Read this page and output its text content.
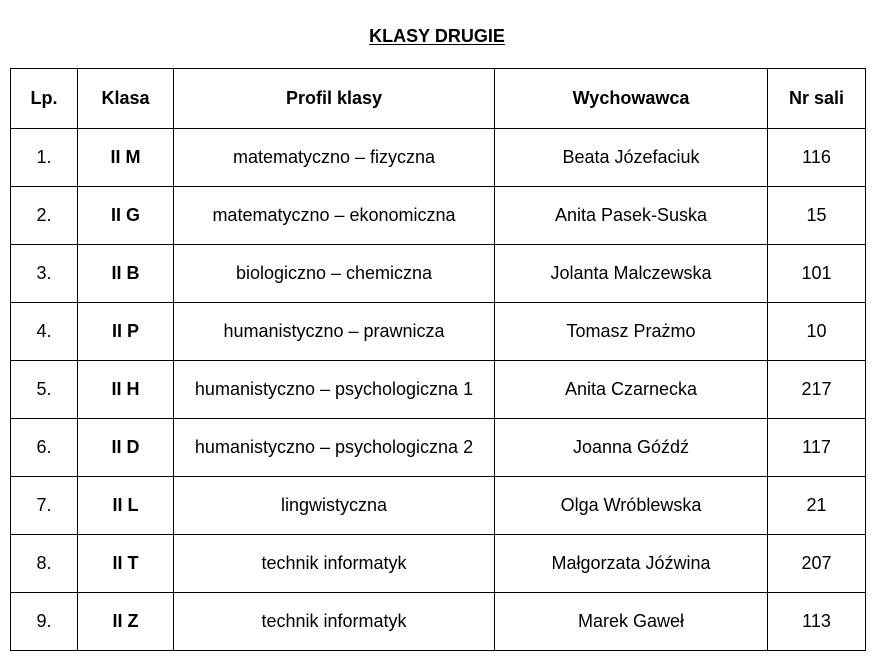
KLASY DRUGIE
Lp.	Klasa	Profil klasy	Wychowawca	Nr sali
1.	II M	matematyczno – fizyczna	Beata Józefaciuk	116
2.	II G	matematyczno – ekonomiczna	Anita Pasek-Suska	15
3.	II B	biologiczno – chemiczna	Jolanta Malczewska	101
4.	II P	humanistyczno – prawnicza	Tomasz Prażmo	10
5.	II H	humanistyczno – psychologiczna 1	Anita Czarnecka	217
6.	II D	humanistyczno – psychologiczna 2	Joanna Góźdź	117
7.	II L	lingwistyczna	Olga Wróblewska	21
8.	II T	technik informatyk	Małgorzata Jóźwina	207
9.	II Z	technik informatyk	Marek Gaweł	113
